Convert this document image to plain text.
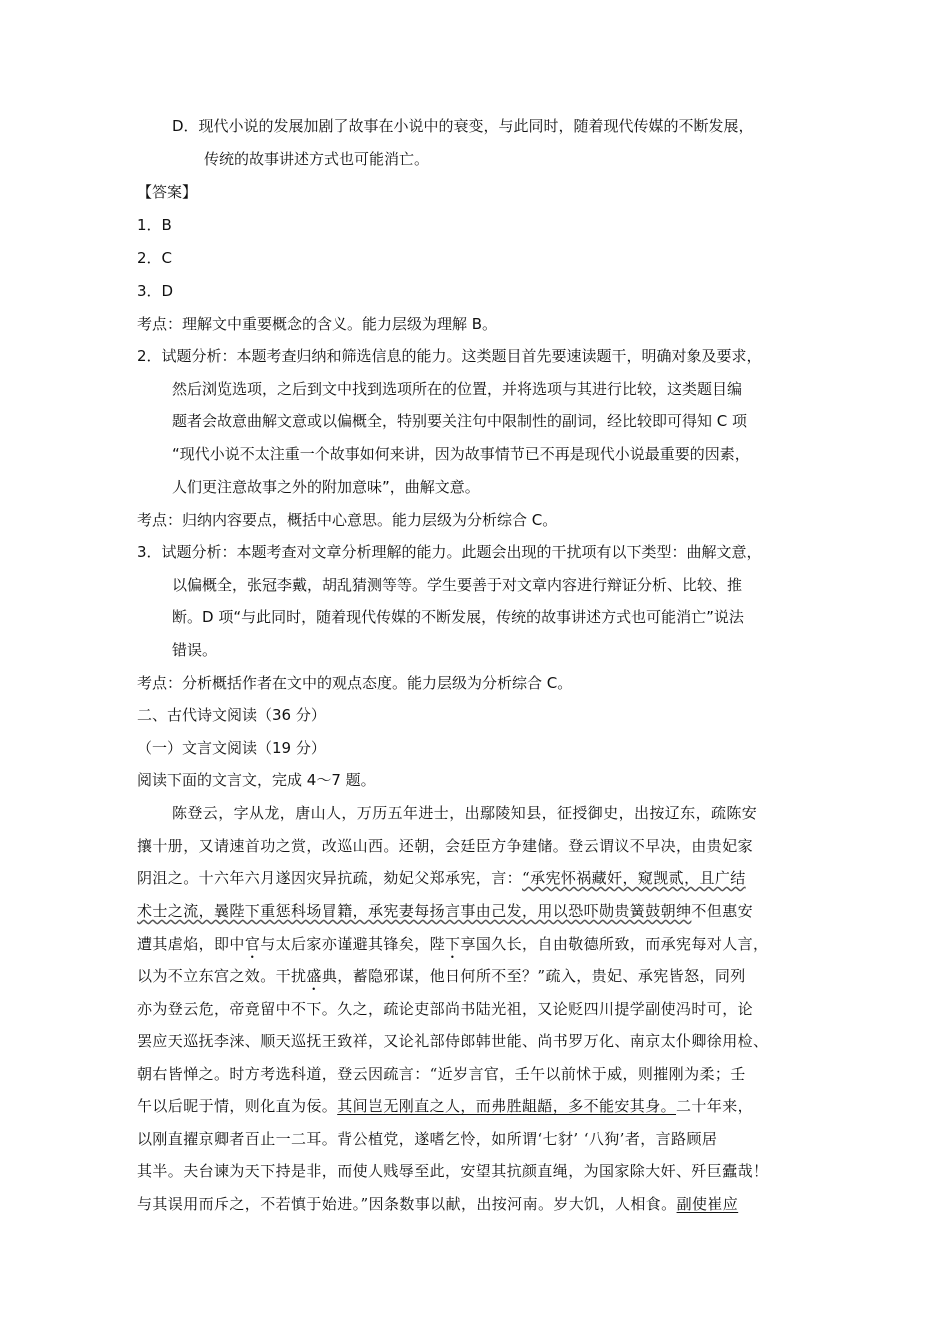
D．现代小说的发展加剧了故事在小说中的衰变，与此同时，随着现代传媒的不断发展，
传统的故事讲述方式也可能消亡。
【答案】
1．B
2．C
3．D
考点：理解文中重要概念的含义。能力层级为理解 B。
2．试题分析：本题考查归纳和筛选信息的能力。这类题目首先要速读题干，明确对象及要求，
然后浏览选项，之后到文中找到选项所在的位置，并将选项与其进行比较，这类题目编
题者会故意曲解文意或以偏概全，特别要关注句中限制性的副词，经比较即可得知 C 项
“现代小说不太注重一个故事如何来讲，因为故事情节已不再是现代小说最重要的因素，
人们更注意故事之外的附加意味”，曲解文意。
考点：归纳内容要点，概括中心意思。能力层级为分析综合 C。
3．试题分析：本题考查对文章分析理解的能力。此题会出现的干扰项有以下类型：曲解文意，
以偏概全，张冠李戴，胡乱猜测等等。学生要善于对文章内容进行辩证分析、比较、推
断。D 项“与此同时，随着现代传媒的不断发展，传统的故事讲述方式也可能消亡”说法
错误。
考点：分析概括作者在文中的观点态度。能力层级为分析综合 C。
二、古代诗文阅读（36 分）
（一）文言文阅读（19 分）
阅读下面的文言文，完成 4～7 题。
陈登云，字从龙，唐山人，万历五年进士，出鄢陵知县，征授御史，出按辽东，疏陈安
攘十册，又请速首功之赏，改巡山西。还朝，会廷臣方争建储。登云谓议不早决，由贵妃家
阴沮之。十六年六月遂因灾异抗疏，劾妃父郑承宪，言：“承宪怀祸藏奸，窥觊贰，且广结
术士之流，曩陛下重惩科场冒籍，承宪妻每扬言事由己发，用以恐吓勋贵簧鼓朝绅不但惠安
遭其虐焰，即中官与太后家亦谨避其锋矣，陛下享国久长，自由敬德所致，而承宪每对人言，
以为不立东宫之效。干扰盛典，蓄隐邪谋，他日何所不至？”疏入，贵妃、承宪皆怒，同列
亦为登云危，帝竟留中不下。久之，疏论吏部尚书陆光祖，又论贬四川提学副使冯时可，论
罢应天巡抚李涞、顺天巡抚王致祥，又论礼部侍郎韩世能、尚书罗万化、南京太仆卿徐用检、
朝右皆惮之。时方考选科道，登云因疏言：“近岁言官，壬午以前怵于威，则摧刚为柔；壬
午以后昵于情，则化直为佞。其间岂无刚直之人，而弗胜龃龉，多不能安其身。二十年来，
以刚直擢京卿者百止一二耳。背公植党，遂嗜乞怜，如所谓‘七豺’ ‘八狗’者，言路顾居
其半。夫台谏为天下持是非，而使人贱辱至此，安望其抗颜直绳，为国家除大奸、歼巨蠹哉！
与其误用而斥之，不若慎于始进。”因条数事以献，出按河南。岁大饥，人相食。副使崔应
